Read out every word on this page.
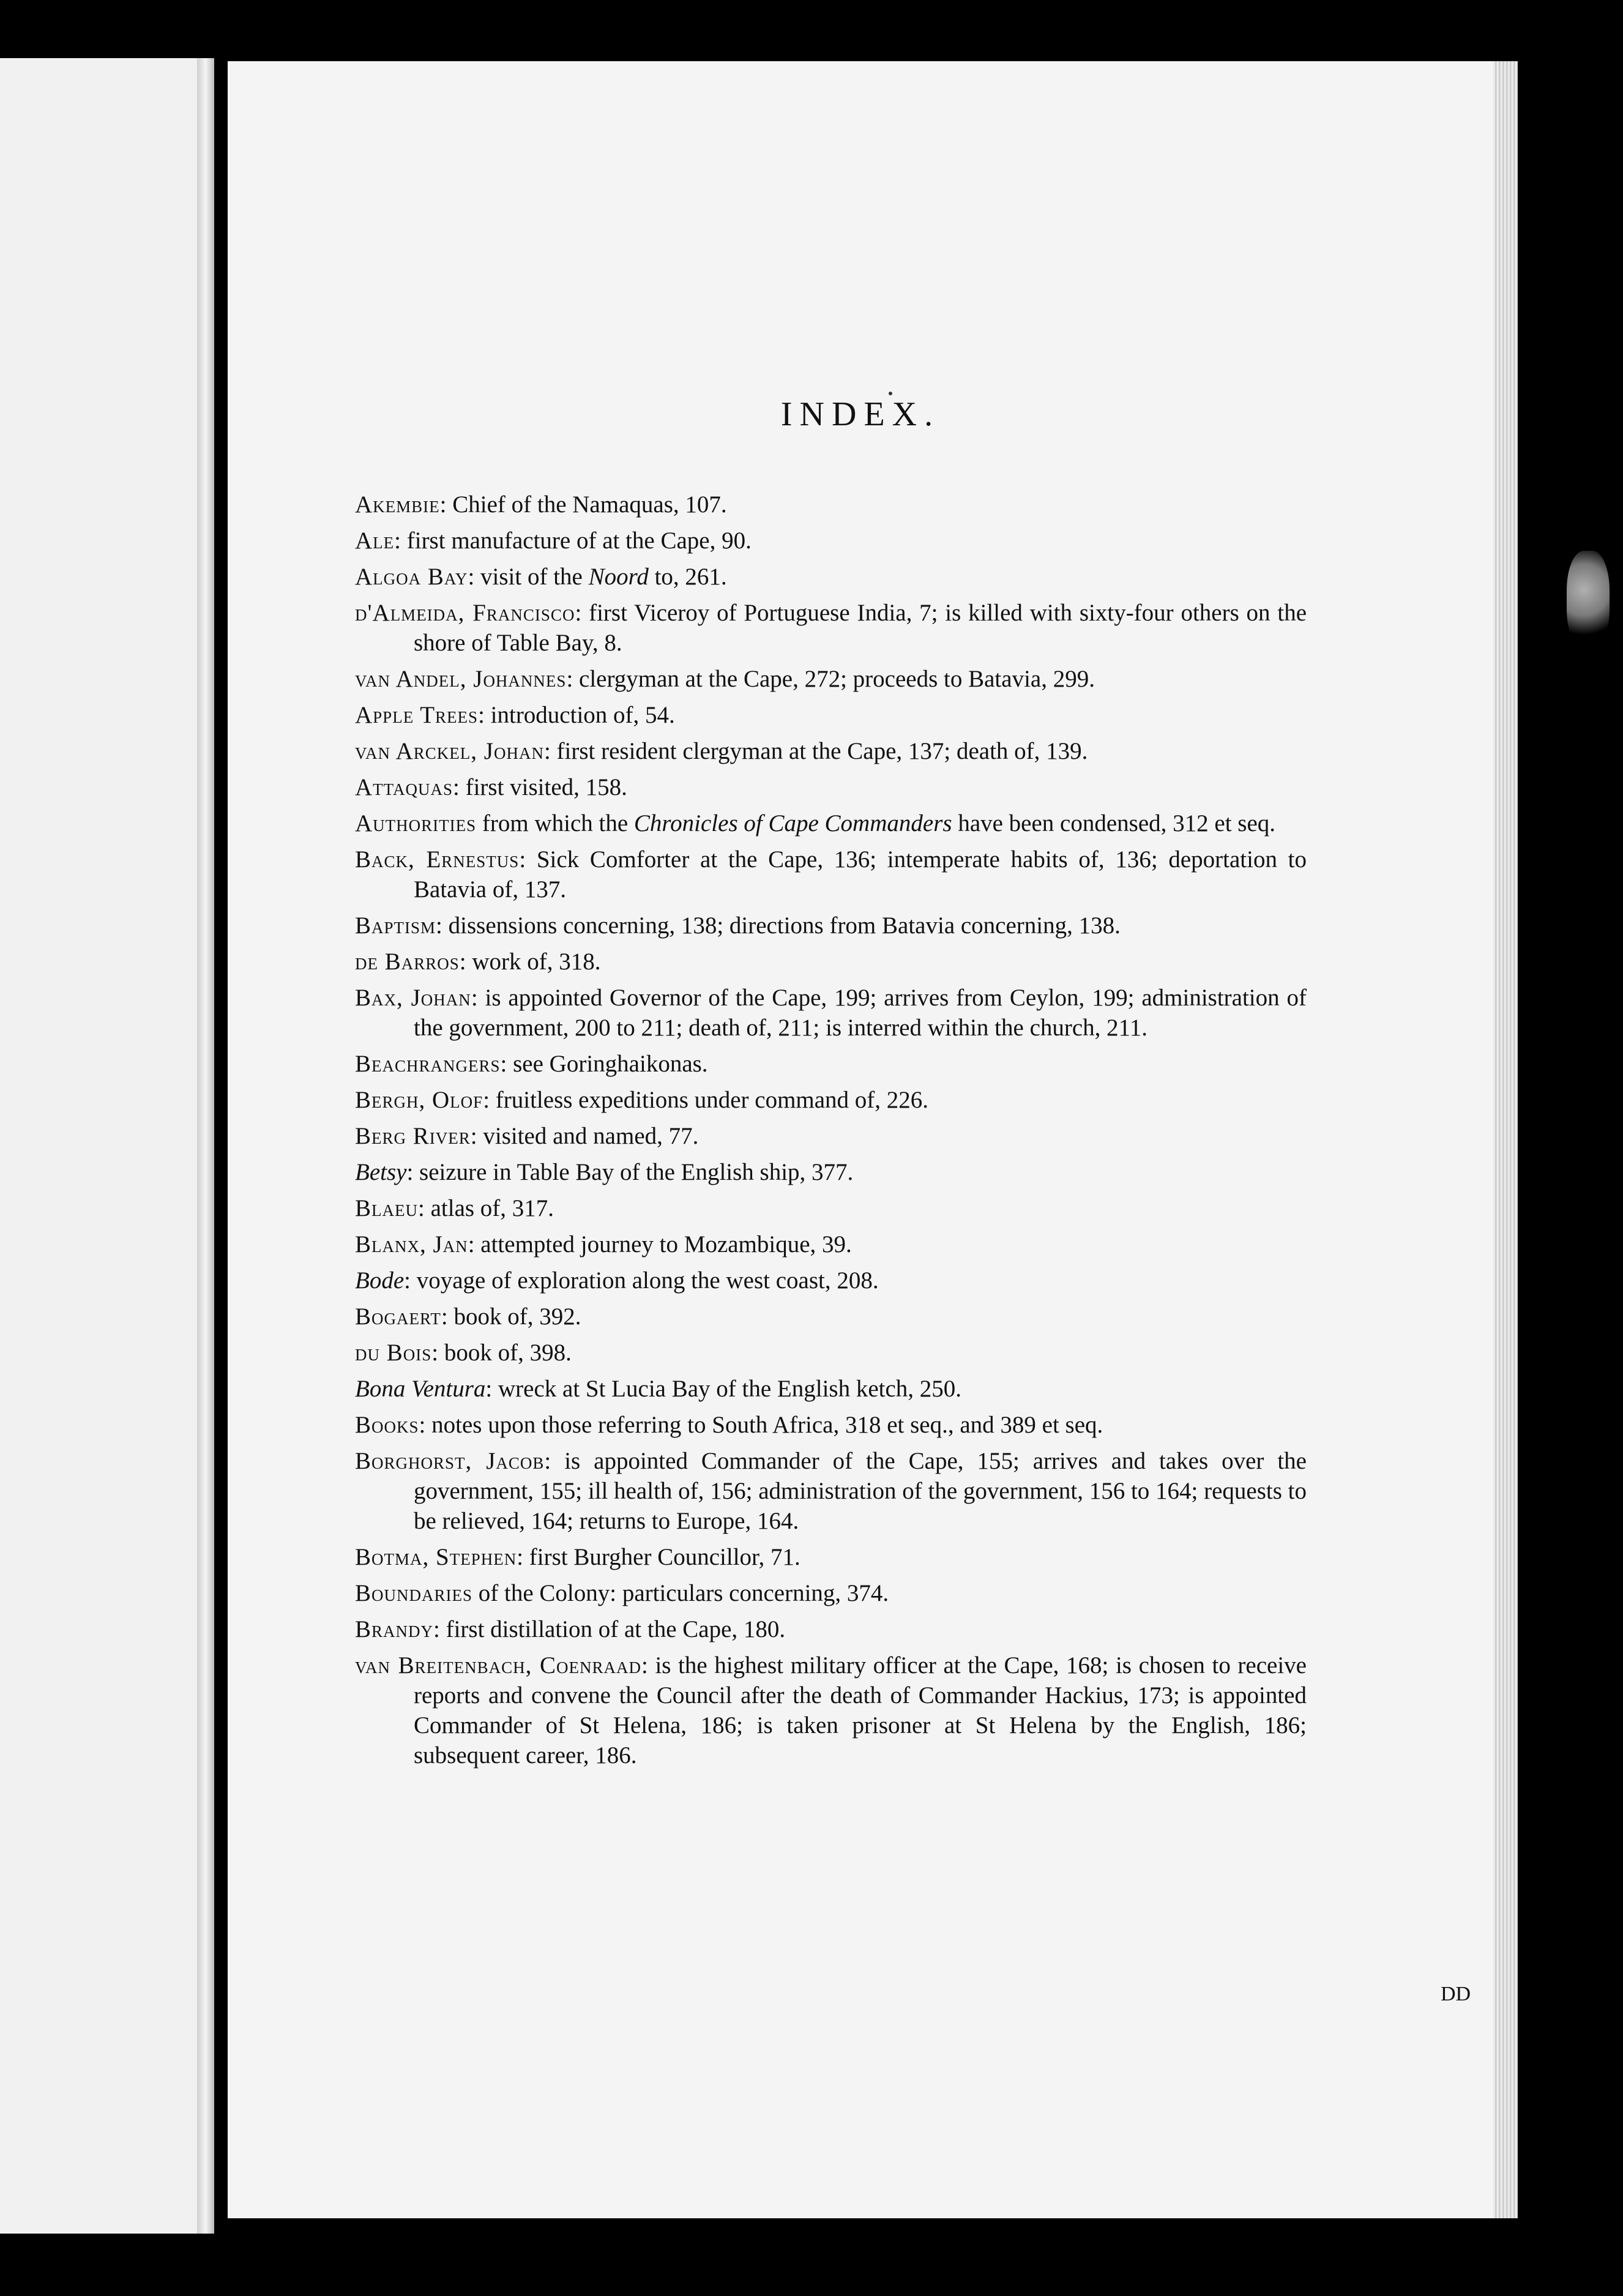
INDEX.
DD
Akembie: Chief of the Namaquas, 107.
Ale: first manufacture of at the Cape, 90.
Algoa Bay: visit of the Noord to, 261.
d'Almeida, Francisco: first Viceroy of Portuguese India, 7; is killed with sixty-four others on the shore of Table Bay, 8.
van Andel, Johannes: clergyman at the Cape, 272; proceeds to Batavia, 299.
Apple Trees: introduction of, 54.
van Arckel, Johan: first resident clergyman at the Cape, 137; death of, 139.
Attaquas: first visited, 158.
Authorities from which the Chronicles of Cape Commanders have been condensed, 312 et seq.
Back, Ernestus: Sick Comforter at the Cape, 136; intemperate habits of, 136; deportation to Batavia of, 137.
Baptism: dissensions concerning, 138; directions from Batavia concerning, 138.
de Barros: work of, 318.
Bax, Johan: is appointed Governor of the Cape, 199; arrives from Ceylon, 199; administration of the government, 200 to 211; death of, 211; is interred within the church, 211.
Beachrangers: see Goringhaikonas.
Bergh, Olof: fruitless expeditions under command of, 226.
Berg River: visited and named, 77.
Betsy: seizure in Table Bay of the English ship, 377.
Blaeu: atlas of, 317.
Blanx, Jan: attempted journey to Mozambique, 39.
Bode: voyage of exploration along the west coast, 208.
Bogaert: book of, 392.
du Bois: book of, 398.
Bona Ventura: wreck at St Lucia Bay of the English ketch, 250.
Books: notes upon those referring to South Africa, 318 et seq., and 389 et seq.
Borghorst, Jacob: is appointed Commander of the Cape, 155; arrives and takes over the government, 155; ill health of, 156; administration of the government, 156 to 164; requests to be relieved, 164; returns to Europe, 164.
Botma, Stephen: first Burgher Councillor, 71.
Boundaries of the Colony: particulars concerning, 374.
Brandy: first distillation of at the Cape, 180.
van Breitenbach, Coenraad: is the highest military officer at the Cape, 168; is chosen to receive reports and convene the Council after the death of Commander Hackius, 173; is appointed Commander of St Helena, 186; is taken prisoner at St Helena by the English, 186; subsequent career, 186.
